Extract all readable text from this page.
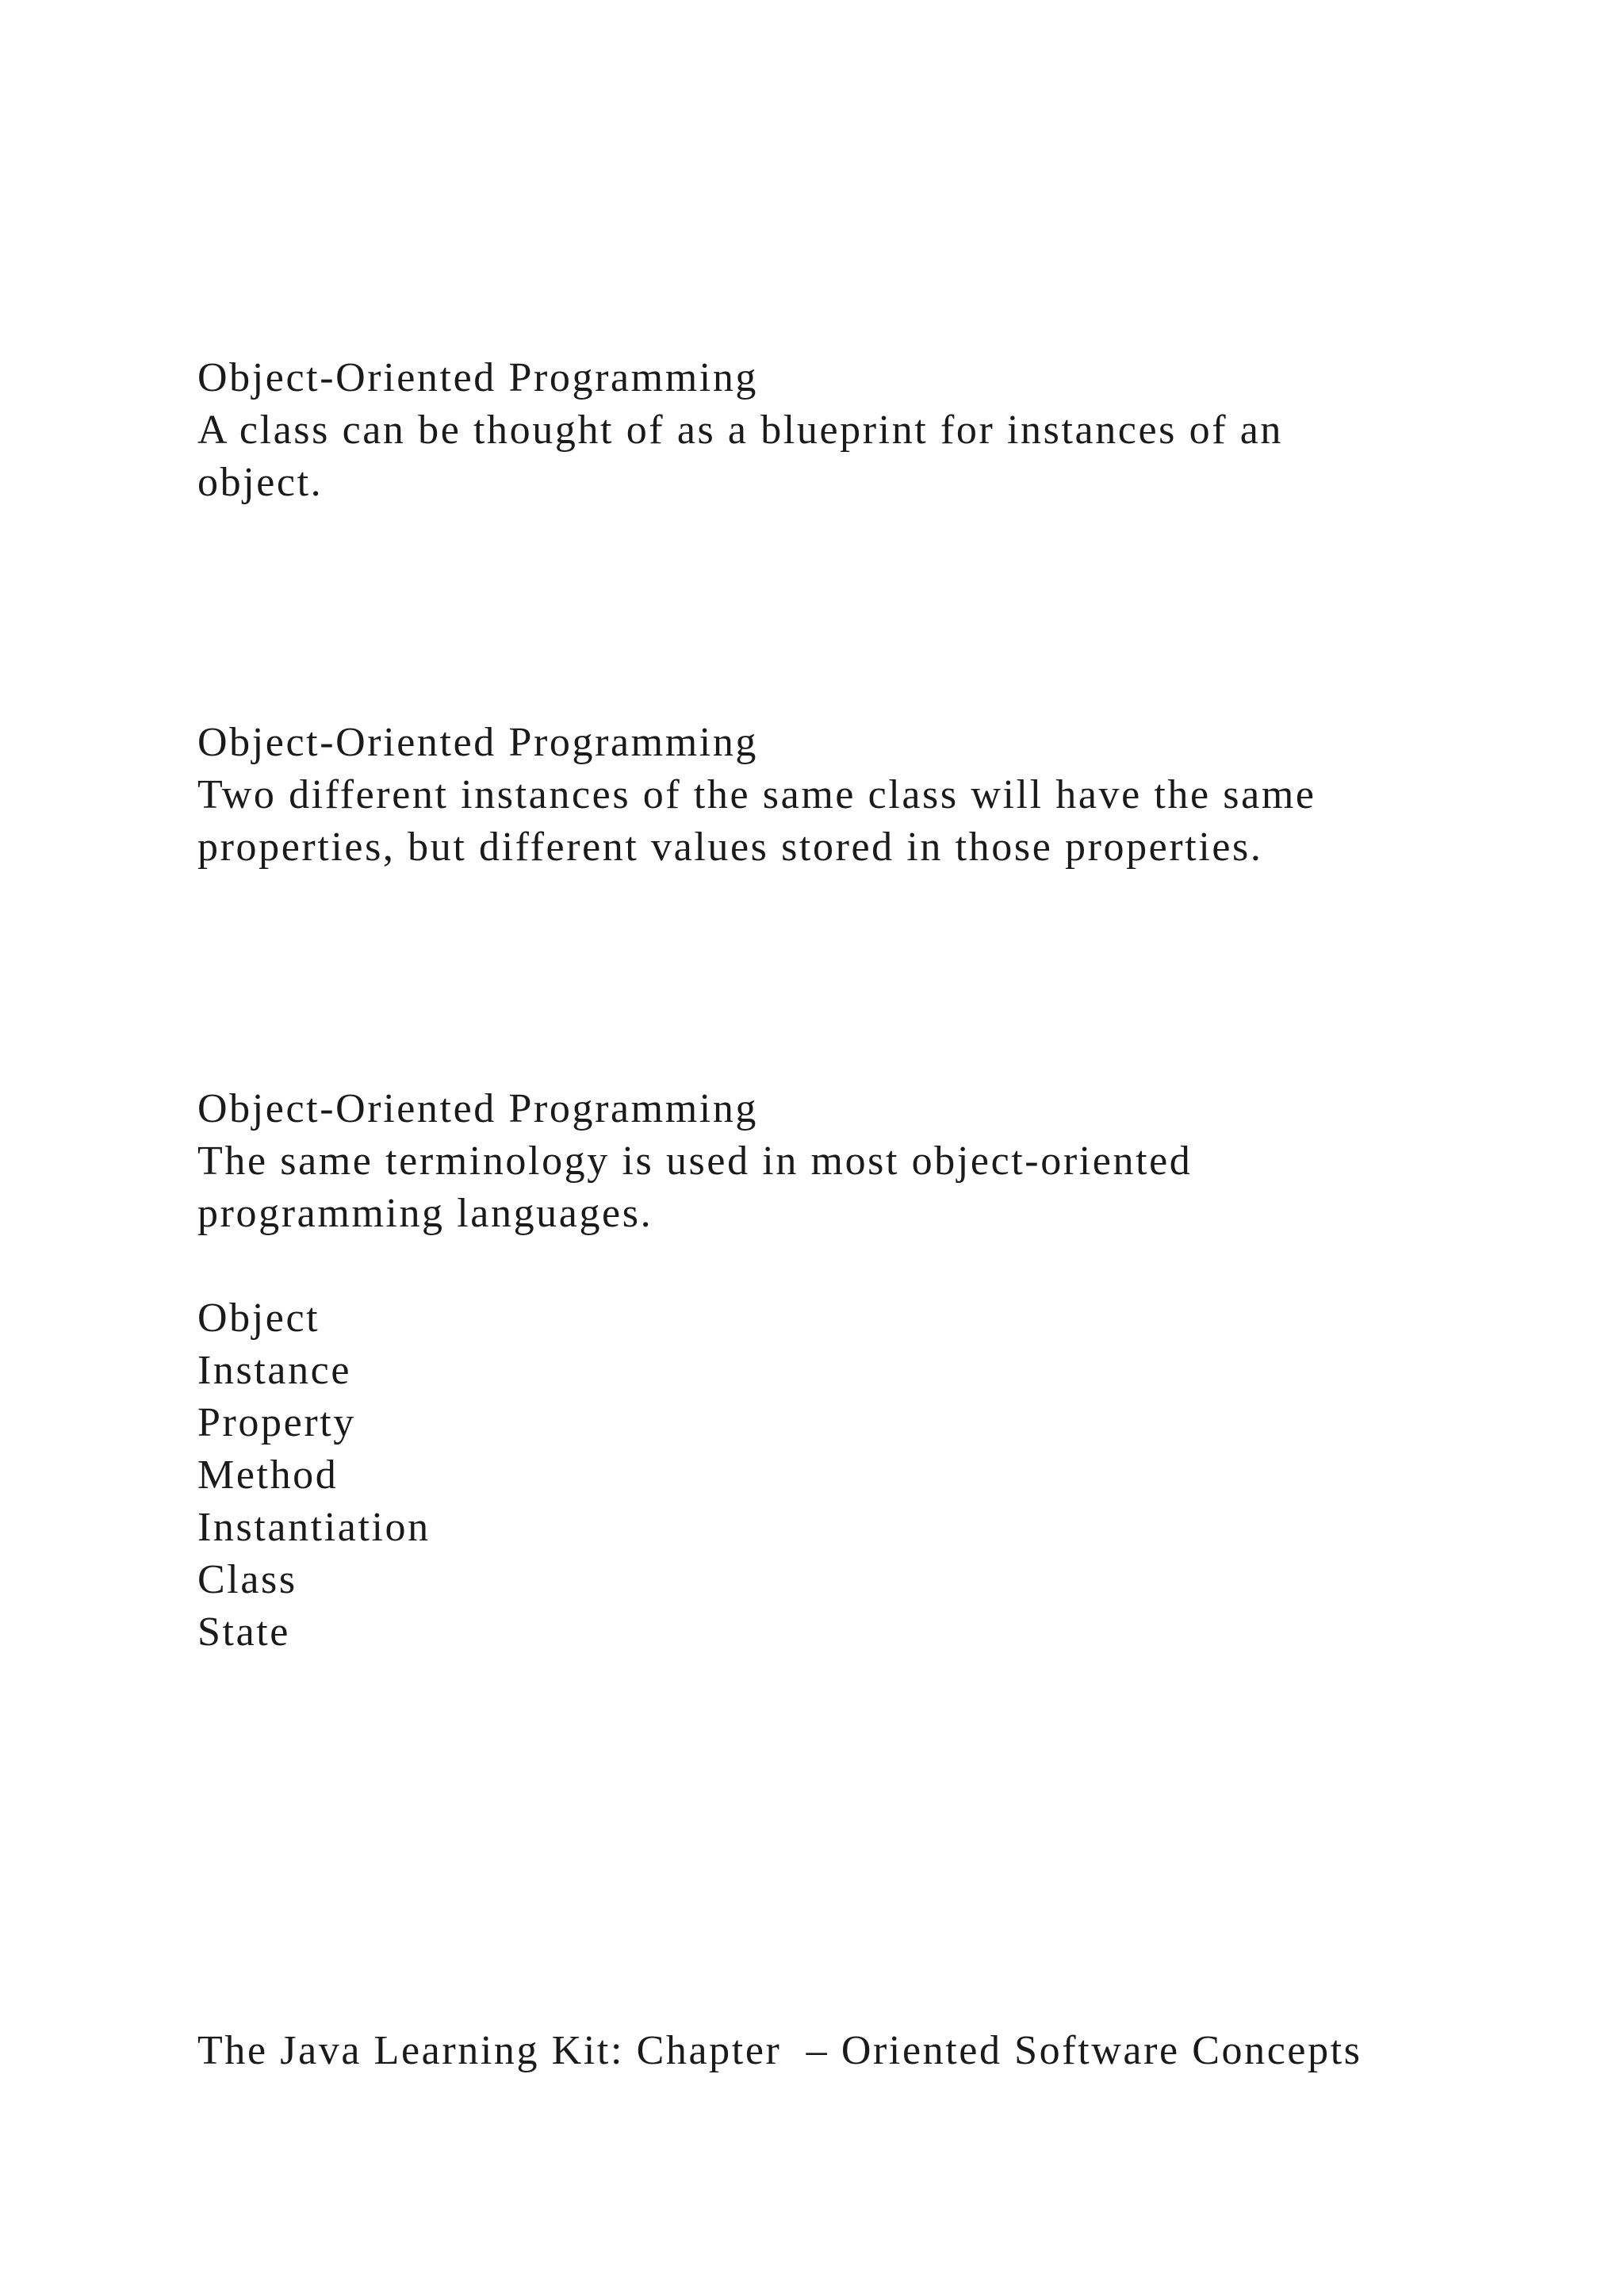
Object-Oriented Programming

A class can be thought of as a blueprint for instances of an

object.

Object-Oriented Programming

Two different instances of the same class will have the same

properties, but different values stored in those properties.

Object-Oriented Programming

The same terminology is used in most object-oriented

programming languages.

Object

Instance

Property

Method

Instantiation

Class

State

The Java Learning Kit: Chapter  – Oriented Software Concepts
